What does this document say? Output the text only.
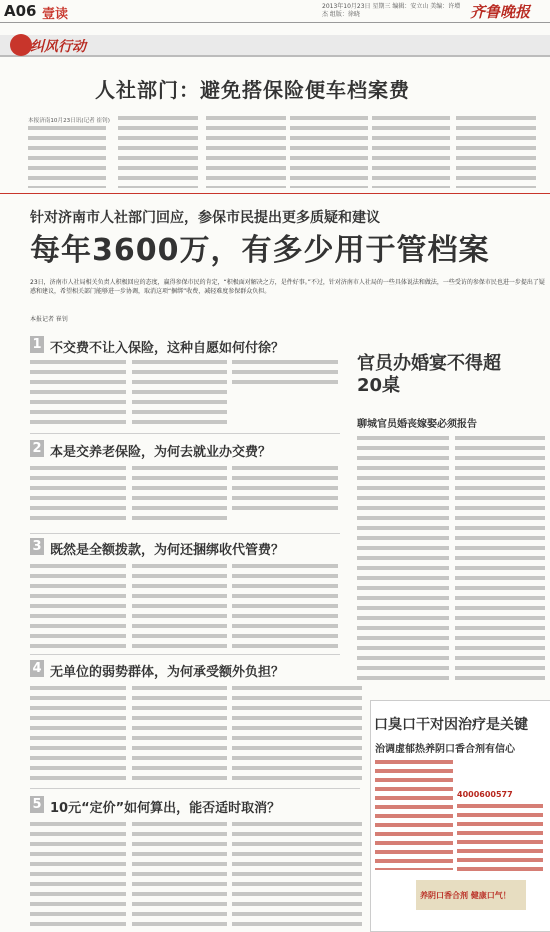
A06 壹读
2013年10月23日 星期三 编辑：安立山 美编：许增杰 组版：徐晓	齐鲁晚报
纠风行动
人社部门：避免搭保险便车档案费
本报济南10月23日讯(记者 崔钊)
针对济南市人社部门回应，参保市民提出更多质疑和建议
每年3600万，有多少用于管档案
23日，济南市人社局相关负责人积极回应的态度，赢得参保市民的肯定，“积极面对解决之方，是件好事。”不过，针对济南市人社局的一些具体说法和做法，一些受访的参保市民也进一步提出了疑惑和建议，希望相关部门能够进一步协调，取消这项“捆绑”收费，减轻难度参保群众负担。
本报记者 崔钊
1 不交费不让入保险，这种自愿如何付徐？
2 本是交养老保险，为何去就业办交费？
3 既然是全额拨款，为何还捆绑收代管费？
4 无单位的弱势群体，为何承受额外负担？
5 10元“定价”如何算出，能否适时取消？
官员办婚宴不得超20桌
聊城官员婚丧嫁娶必须报告
口臭口干对因治疗是关键
治调虚郁热养阴口香合剂有信心
4000600577
养阴口香合剂 健康口气！
